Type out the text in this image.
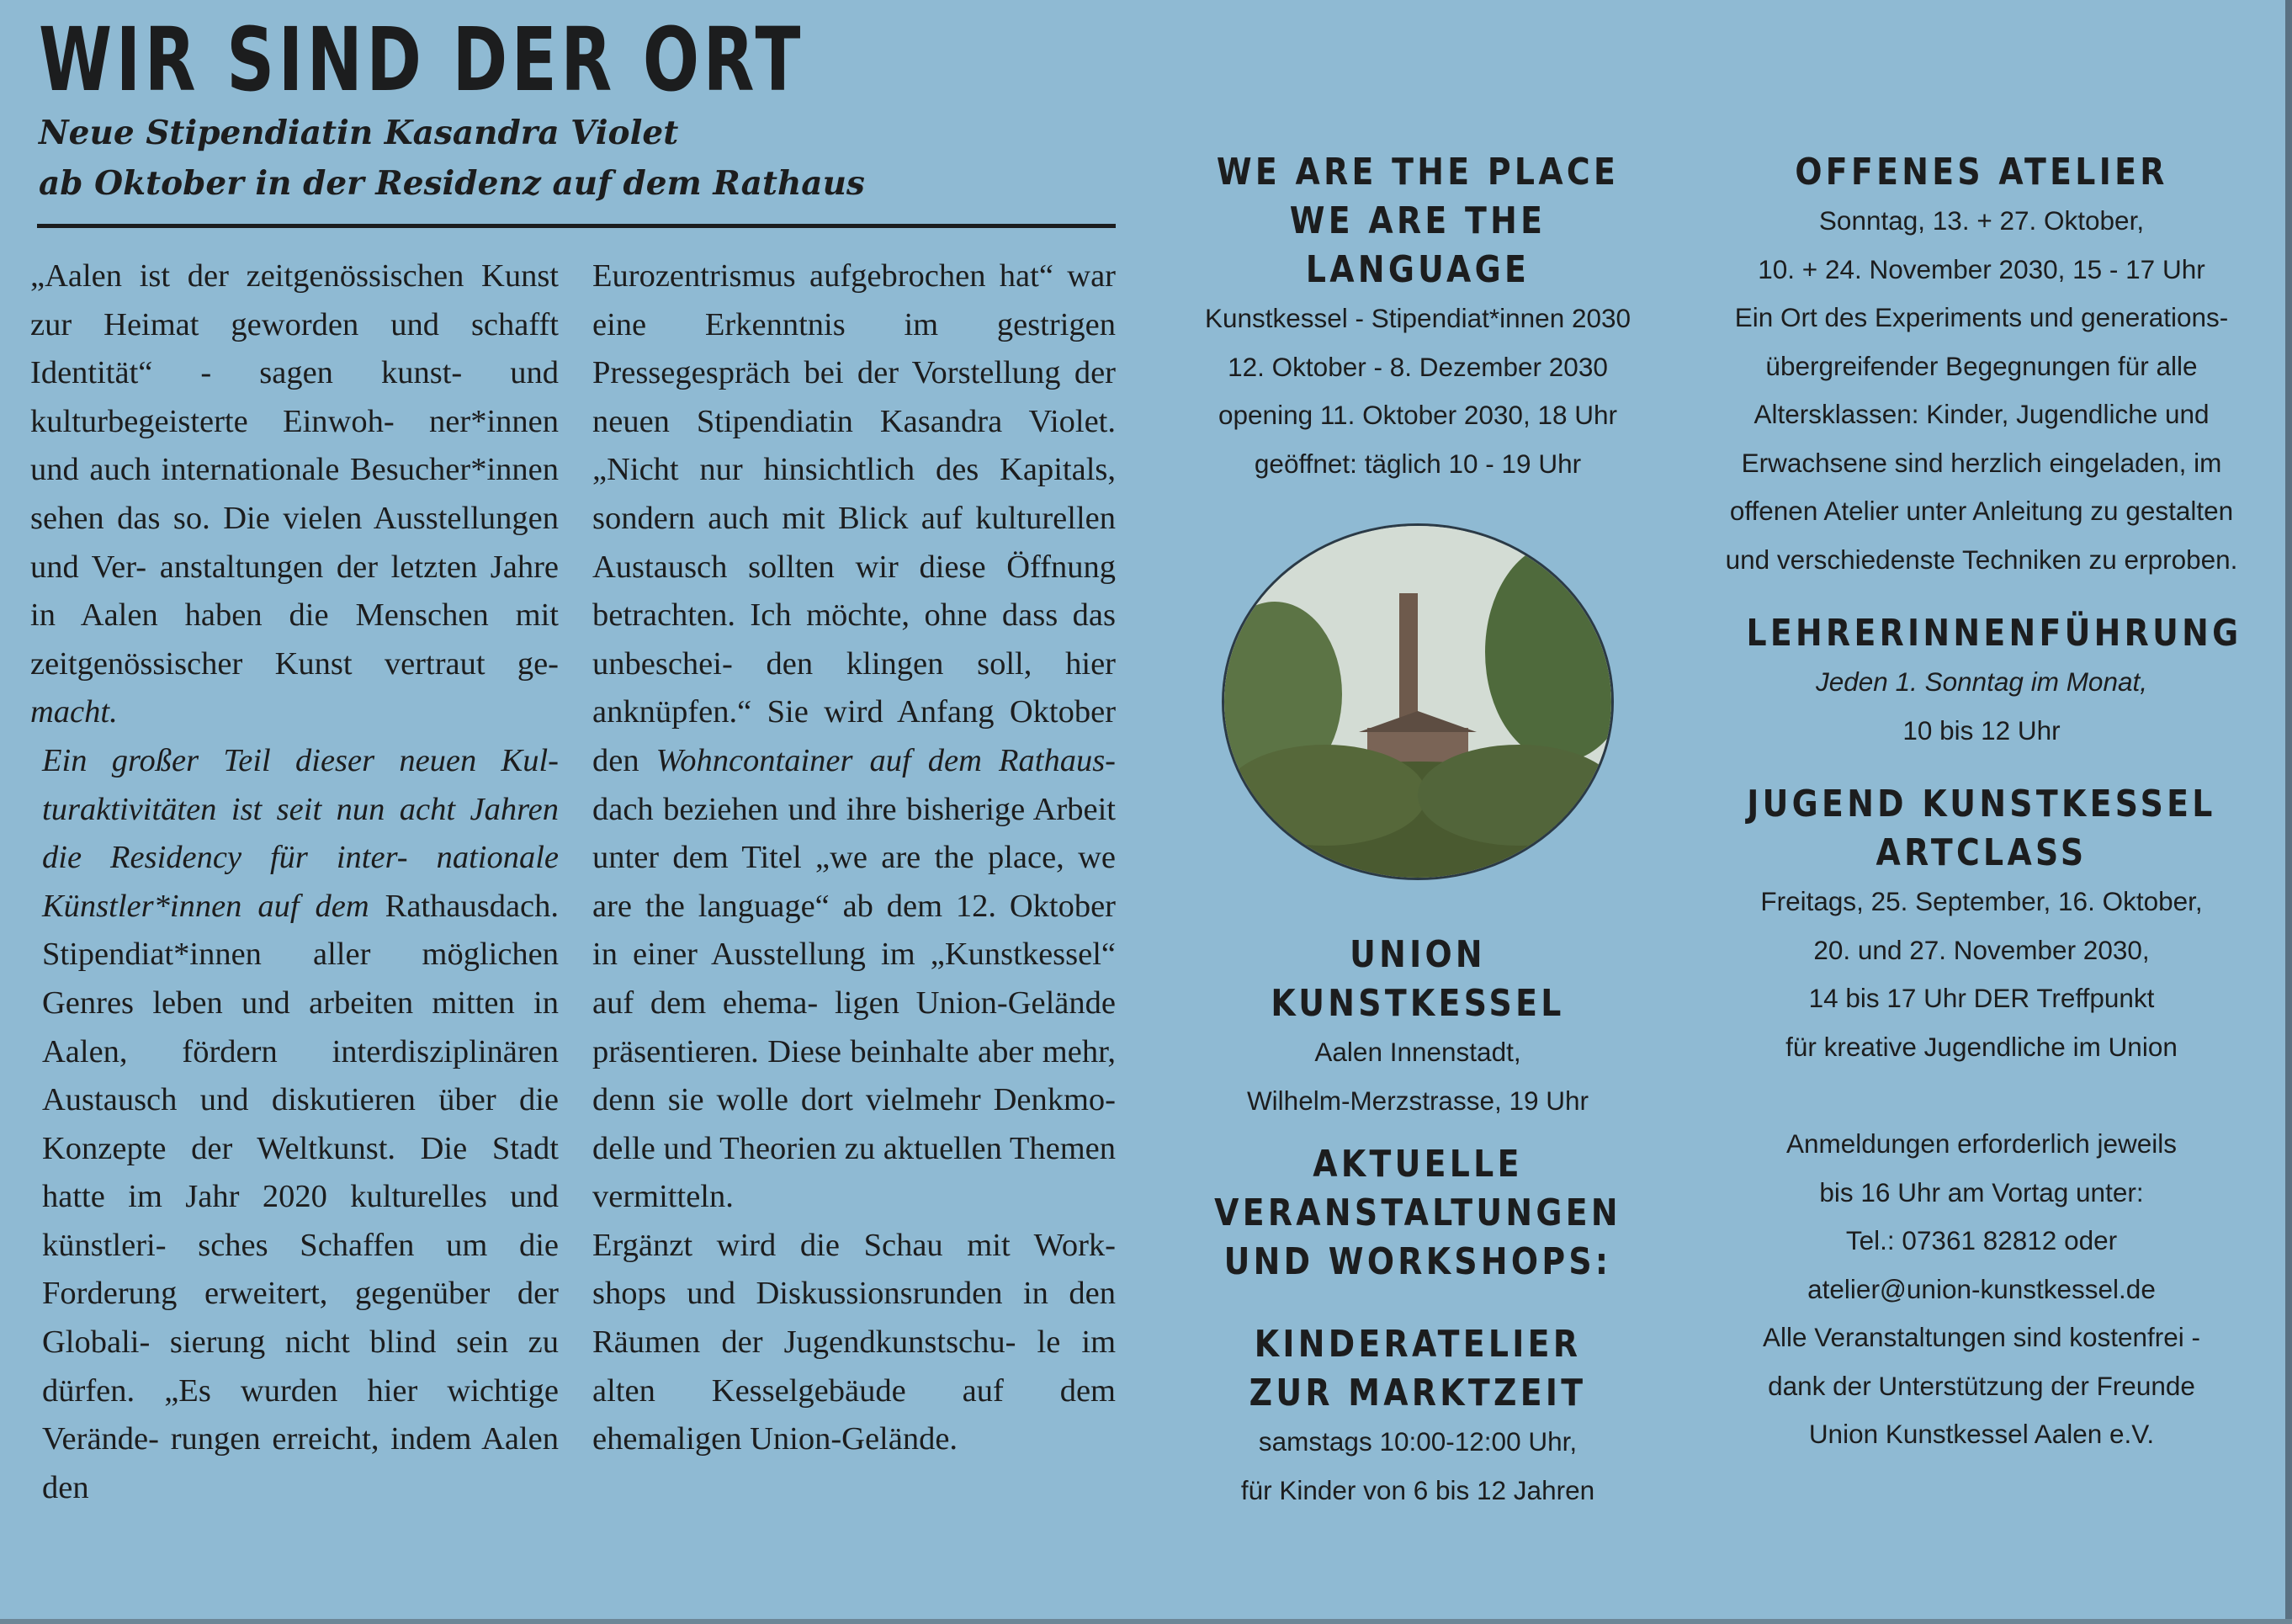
WIR SIND DER ORT
Neue Stipendiatin Kasandra Violet
ab Oktober in der Residenz auf dem Rathaus

„Aalen ist der zeitgenössischen Kunst zur Heimat geworden und schafft Identität“ - sagen kunst- und kulturbegeisterte Einwoh- ner*innen und auch internationale Besucher*innen sehen das so. Die vielen Ausstellungen und Ver- anstaltungen der letzten Jahre in Aalen haben die Menschen mit zeitgenössischer Kunst vertraut ge- macht.

Ein großer Teil dieser neuen Kul- turaktivitäten ist seit nun acht Jahren die Residency für inter- nationale Künstler*innen auf dem Rathausdach. Stipendiat*innen aller möglichen Genres leben und arbeiten mitten in Aalen, fördern interdisziplinären Austausch und diskutieren über die Konzepte der Weltkunst. Die Stadt hatte im Jahr 2020 kulturelles und künstleri- sches Schaffen um die Forderung erweitert, gegenüber der Globali- sierung nicht blind sein zu dürfen. „Es wurden hier wichtige Verände- rungen erreicht, indem Aalen den

Eurozentrismus aufgebrochen hat“ war eine Erkenntnis im gestrigen Pressegespräch bei der Vorstellung der neuen Stipendiatin Kasandra Violet. „Nicht nur hinsichtlich des Kapitals, sondern auch mit Blick auf kulturellen Austausch sollten wir diese Öffnung betrachten. Ich möchte, ohne dass das unbeschei- den klingen soll, hier anknüpfen.“ Sie wird Anfang Oktober den Wohncontainer auf dem Rathaus- dach beziehen und ihre bisherige Arbeit unter dem Titel „we are the place, we are the language“ ab dem 12. Oktober in einer Ausstellung im „Kunstkessel“ auf dem ehema- ligen Union-Gelände präsentieren. Diese beinhalte aber mehr, denn sie wolle dort vielmehr Denkmo- delle und Theorien zu aktuellen Themen vermitteln.

Ergänzt wird die Schau mit Work- shops und Diskussionsrunden in den Räumen der Jugendkunstschu- le im alten Kesselgebäude auf dem ehemaligen Union-Gelände.

WE ARE THE PLACE
WE ARE THE LANGUAGE
Kunstkessel - Stipendiat*innen 2030
12. Oktober - 8. Dezember 2030
opening 11. Oktober 2030, 18 Uhr
geöffnet: täglich 10 - 19 Uhr
UNION KUNSTKESSEL
Aalen Innenstadt,
Wilhelm-Merzstrasse, 19 Uhr
AKTUELLE
VERANSTALTUNGEN
UND WORKSHOPS:
KINDERATELIER
ZUR MARKTZEIT
samstags 10:00-12:00 Uhr,
für Kinder von 6 bis 12 Jahren
OFFENES ATELIER
Sonntag, 13. + 27. Oktober,
10. + 24. November 2030, 15 - 17 Uhr
Ein Ort des Experiments und generations-
übergreifender Begegnungen für alle
Altersklassen: Kinder, Jugendliche und
Erwachsene sind herzlich eingeladen, im
offenen Atelier unter Anleitung zu gestalten
und verschiedenste Techniken zu erproben.
LEHRERINNENFÜHRUNG
Jeden 1. Sonntag im Monat,
10 bis 12 Uhr
JUGEND KUNSTKESSEL
ARTCLASS
Freitags, 25. September, 16. Oktober,
20. und 27. November 2030,
14 bis 17 Uhr DER Treffpunkt
für kreative Jugendliche im Union
Anmeldungen erforderlich jeweils
bis 16 Uhr am Vortag unter:
Tel.: 07361 82812 oder
atelier@union-kunstkessel.de
Alle Veranstaltungen sind kostenfrei -
dank der Unterstützung der Freunde
Union Kunstkessel Aalen e.V.
